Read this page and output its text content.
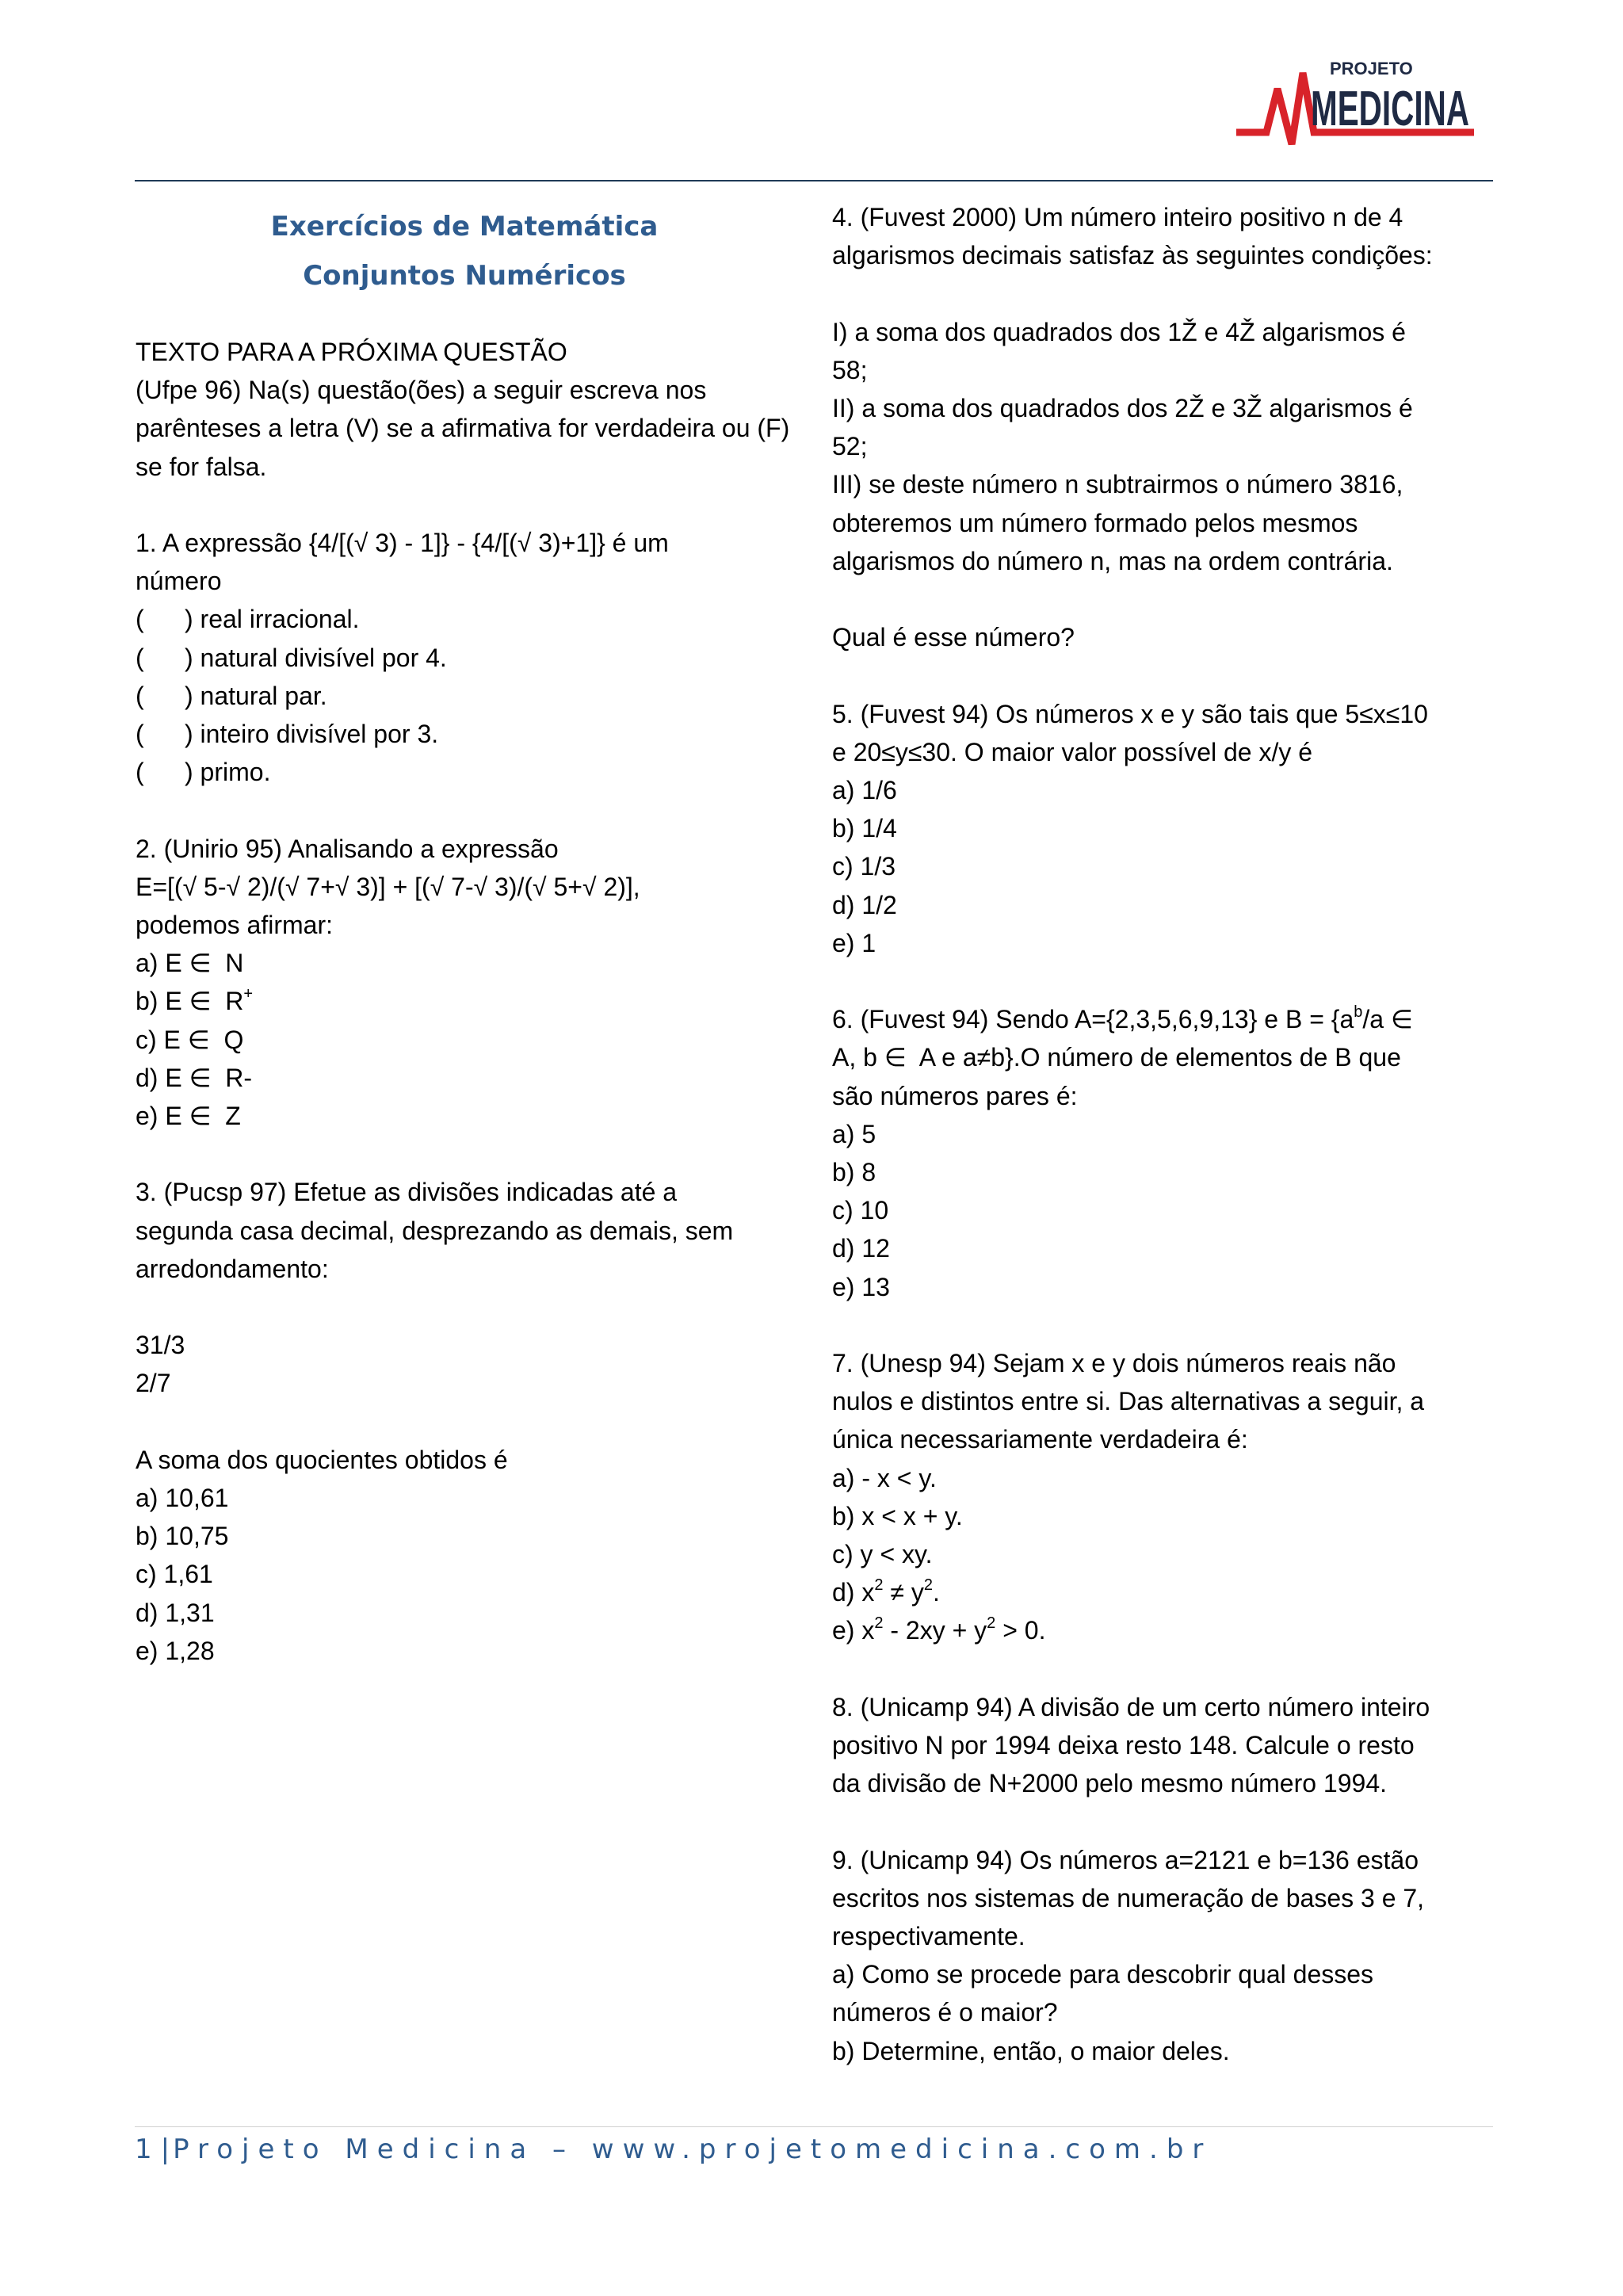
PROJETO
MEDICINA
Exercícios de Matemática
Conjuntos Numéricos

TEXTO PARA A PRÓXIMA QUESTÃO

(Ufpe 96) Na(s) questão(ões) a seguir escreva nos parênteses a letra (V) se a afirmativa for verdadeira ou (F) se for falsa.

1. A expressão {4/[(√ 3) - 1]} - {4/[(√ 3)+1]} é um

número

( ) real irracional.

( ) natural divisível por 4.

( ) natural par.

( ) inteiro divisível por 3.

( ) primo.

2. (Unirio 95) Analisando a expressão

E=[(√ 5-√ 2)/(√ 7+√ 3)] + [(√ 7-√ 3)/(√ 5+√ 2)],

podemos afirmar:

a) E ∈  N

b) E ∈  R+

c) E ∈  Q

d) E ∈  R-

e) E ∈  Z

3. (Pucsp 97) Efetue as divisões indicadas até a

segunda casa decimal, desprezando as demais, sem

arredondamento:

31/3

2/7

A soma dos quocientes obtidos é

a) 10,61

b) 10,75

c) 1,61

d) 1,31

e) 1,28

4. (Fuvest 2000) Um número inteiro positivo n de 4

algarismos decimais satisfaz às seguintes condições:

I) a soma dos quadrados dos 1Ž e 4Ž algarismos é

58;

II) a soma dos quadrados dos 2Ž e 3Ž algarismos é

52;

III) se deste número n subtrairmos o número 3816,

obteremos um número formado pelos mesmos

algarismos do número n, mas na ordem contrária.

Qual é esse número?

5. (Fuvest 94) Os números x e y são tais que 5≤x≤10

e 20≤y≤30. O maior valor possível de x/y é

a) 1/6

b) 1/4

c) 1/3

d) 1/2

e) 1

6. (Fuvest 94) Sendo A={2,3,5,6,9,13} e $B = \{a^b/a$ ∈

A, b ∈  A e a≠b}.O número de elementos de B que

são números pares é:

a) 5

b) 8

c) 10

d) 12

e) 13

7. (Unesp 94) Sejam x e y dois números reais não

nulos e distintos entre si. Das alternativas a seguir, a

única necessariamente verdadeira é:

a) - x < y.

b) x < x + y.

c) y < xy.

d) $x^2 \ne y^2$.

e) $x^2 - 2xy + y^2 > 0$.

8. (Unicamp 94) A divisão de um certo número inteiro

positivo N por 1994 deixa resto 148. Calcule o resto

da divisão de N+2000 pelo mesmo número 1994.

9. (Unicamp 94) Os números a=2121 e b=136 estão

escritos nos sistemas de numeração de bases 3 e 7,

respectivamente.

a) Como se procede para descobrir qual desses

números é o maior?

b) Determine, então, o maior deles.

1|Projeto Medicina – www.projetomedicina.com.br
